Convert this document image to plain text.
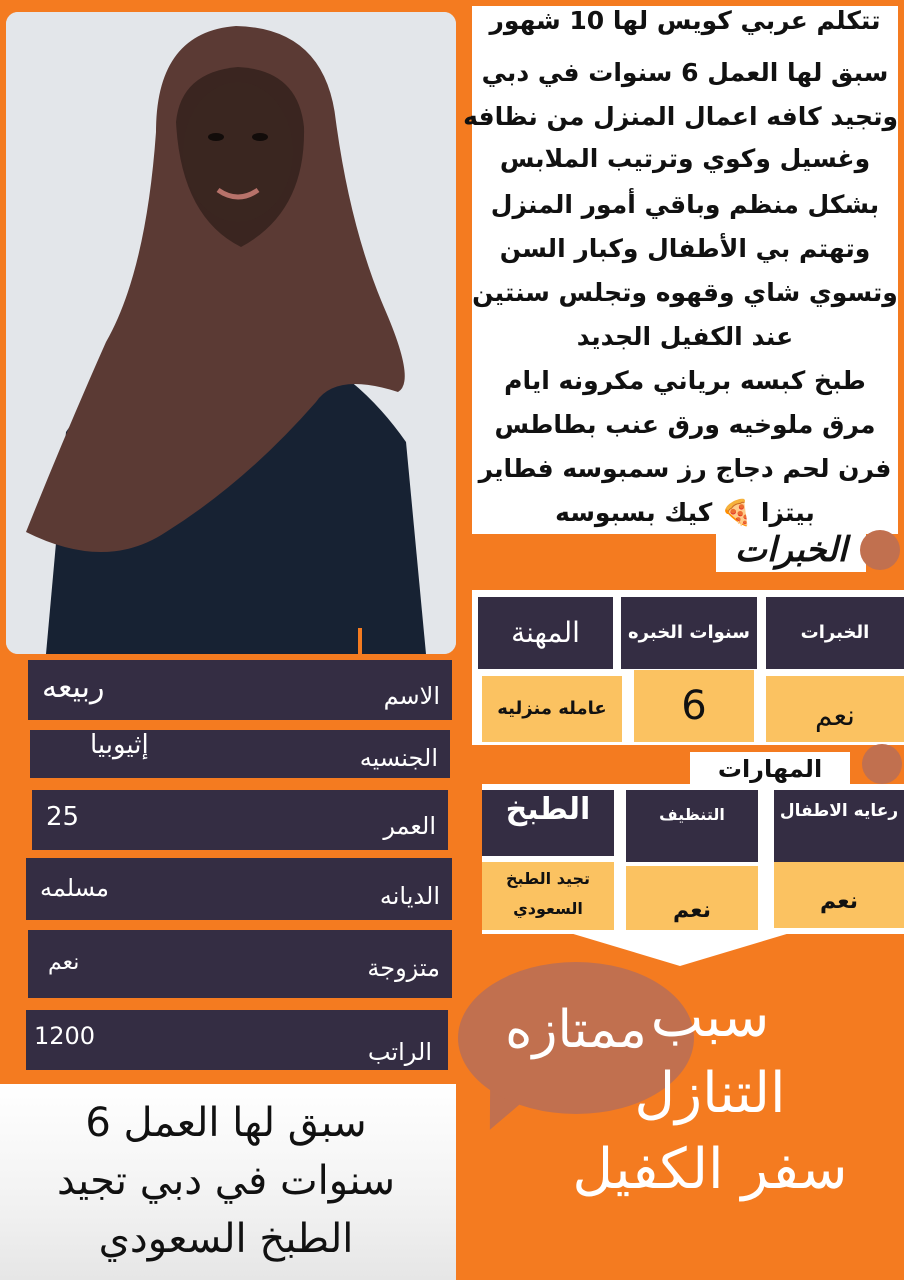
تتكلم عربي كويس لها 10 شهور
سبق لها العمل 6 سنوات في دبي
وتجيد كافه اعمال المنزل من نظافه
وغسيل وكوي وترتيب الملابس
بشكل منظم وباقي أمور المنزل
وتهتم بي الأطفال وكبار السن
وتسوي شاي وقهوه وتجلس سنتين
عند الكفيل الجديد
طبخ كبسه برياني مكرونه ايام
مرق ملوخيه ورق عنب بطاطس
فرن لحم دجاج رز سمبوسه فطاير
بيتزا 🍕 كيك بسبوسه
الخبرات
الخبرات
سنوات الخبره
المهنة
نعم
6
عامله منزليه
المهارات
رعايه الاطفال
التنظيف
الطبخ
نعم
نعم
تجيد الطبخ السعودي
الاسم
ربيعه
الجنسيه
إثيوبيا
العمر
25
الديانه
مسلمه
متزوجة
نعم
الراتب
1200	ممتازه سبب
التنازل
سفر الكفيل
سبق لها العمل 6
سنوات في دبي تجيد
الطبخ السعودي
